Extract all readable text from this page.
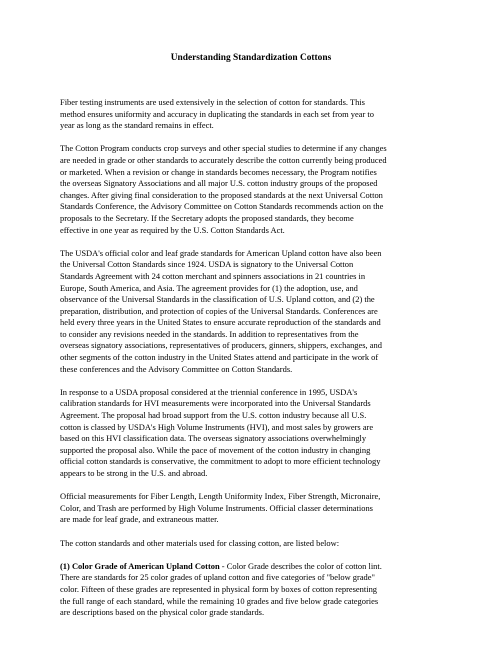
Understanding Standardization Cottons

Fiber testing instruments are used extensively in the selection of cotton for standards. This
method ensures uniformity and accuracy in duplicating the standards in each set from year to
year as long as the standard remains in effect.

The Cotton Program conducts crop surveys and other special studies to determine if any changes
are needed in grade or other standards to accurately describe the cotton currently being produced
or marketed. When a revision or change in standards becomes necessary, the Program notifies
the overseas Signatory Associations and all major U.S. cotton industry groups of the proposed
changes. After giving final consideration to the proposed standards at the next Universal Cotton
Standards Conference, the Advisory Committee on Cotton Standards recommends action on the
proposals to the Secretary. If the Secretary adopts the proposed standards, they become
effective in one year as required by the U.S. Cotton Standards Act.

The USDA's official color and leaf grade standards for American Upland cotton have also been
the Universal Cotton Standards since 1924. USDA is signatory to the Universal Cotton
Standards Agreement with 24 cotton merchant and spinners associations in 21 countries in
Europe, South America, and Asia. The agreement provides for (1) the adoption, use, and
observance of the Universal Standards in the classification of U.S. Upland cotton, and (2) the
preparation, distribution, and protection of copies of the Universal Standards. Conferences are
held every three years in the United States to ensure accurate reproduction of the standards and
to consider any revisions needed in the standards. In addition to representatives from the
overseas signatory associations, representatives of producers, ginners, shippers, exchanges, and
other segments of the cotton industry in the United States attend and participate in the work of
these conferences and the Advisory Committee on Cotton Standards.

In response to a USDA proposal considered at the triennial conference in 1995, USDA's
calibration standards for HVI measurements were incorporated into the Universal Standards
Agreement. The proposal had broad support from the U.S. cotton industry because all U.S.
cotton is classed by USDA's High Volume Instruments (HVI), and most sales by growers are
based on this HVI classification data. The overseas signatory associations overwhelmingly
supported the proposal also. While the pace of movement of the cotton industry in changing
official cotton standards is conservative, the commitment to adopt to more efficient technology
appears to be strong in the U.S. and abroad.

Official measurements for Fiber Length, Length Uniformity Index, Fiber Strength, Micronaire,
Color, and Trash are performed by High Volume Instruments. Official classer determinations
are made for leaf grade, and extraneous matter.

The cotton standards and other materials used for classing cotton, are listed below:

(1) Color Grade of American Upland Cotton - Color Grade describes the color of cotton lint.
There are standards for 25 color grades of upland cotton and five categories of "below grade"
color. Fifteen of these grades are represented in physical form by boxes of cotton representing
the full range of each standard, while the remaining 10 grades and five below grade categories
are descriptions based on the physical color grade standards.
